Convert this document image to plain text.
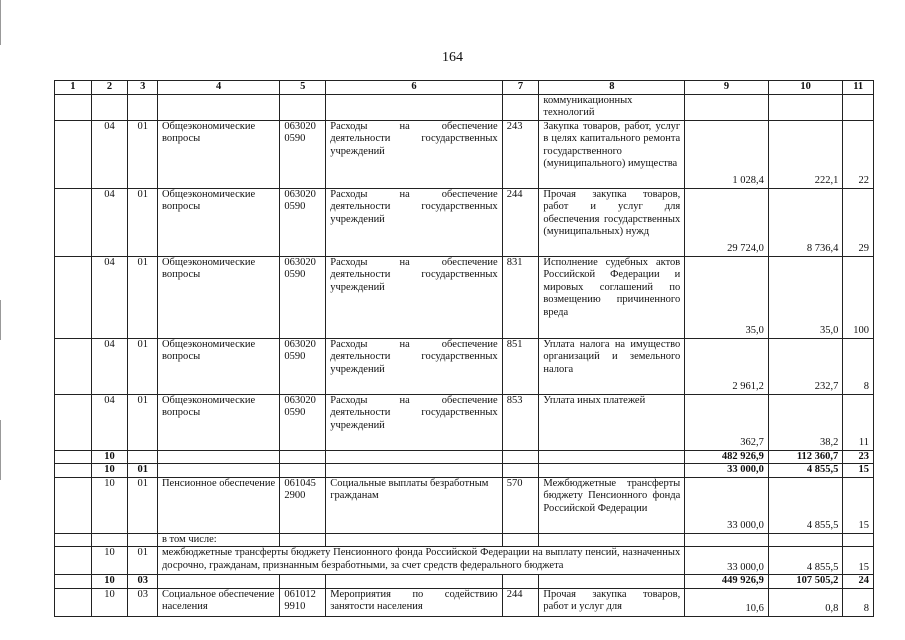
164
1	2	3	4	5	6	7	8	9	10	11
							коммуникационных технологий			
	04	01	Общеэкономические вопросы	063020 0590	Расходы на обеспечение деятельности государственных учреждений	243	Закупка товаров, работ, услуг в целях капитального ремонта государственного (муниципального) имущества	1 028,4	222,1	22
	04	01	Общеэкономические вопросы	063020 0590	Расходы на обеспечение деятельности государственных учреждений	244	Прочая закупка товаров, работ и услуг для обеспечения государственных (муниципальных) нужд	29 724,0	8 736,4	29
	04	01	Общеэкономические вопросы	063020 0590	Расходы на обеспечение деятельности государственных учреждений	831	Исполнение судебных актов Российской Федерации и мировых соглашений по возмещению причиненного вреда	35,0	35,0	100
	04	01	Общеэкономические вопросы	063020 0590	Расходы на обеспечение деятельности государственных учреждений	851	Уплата налога на имущество организаций и земельного налога	2 961,2	232,7	8
	04	01	Общеэкономические вопросы	063020 0590	Расходы на обеспечение деятельности государственных учреждений	853	Уплата иных платежей	362,7	38,2	11
	10							482 926,9	112 360,7	23
	10	01						33 000,0	4 855,5	15
	10	01	Пенсионное обеспечение	061045 2900	Социальные выплаты безработным гражданам	570	Межбюджетные трансферты бюджету Пенсионного фонда Российской Федерации	33 000,0	4 855,5	15
			в том числе:							
	10	01	межбюджетные трансферты бюджету Пенсионного фонда Российской Федерации на выплату пенсий, назначенных досрочно, гражданам, признанным безработными, за счет средств федерального бюджета					33 000,0	4 855,5	15
	10	03						449 926,9	107 505,2	24
	10	03	Социальное обеспечение населения	061012 9910	Мероприятия по содействию занятости населения	244	Прочая закупка товаров, работ и услуг для	10,6	0,8	8
